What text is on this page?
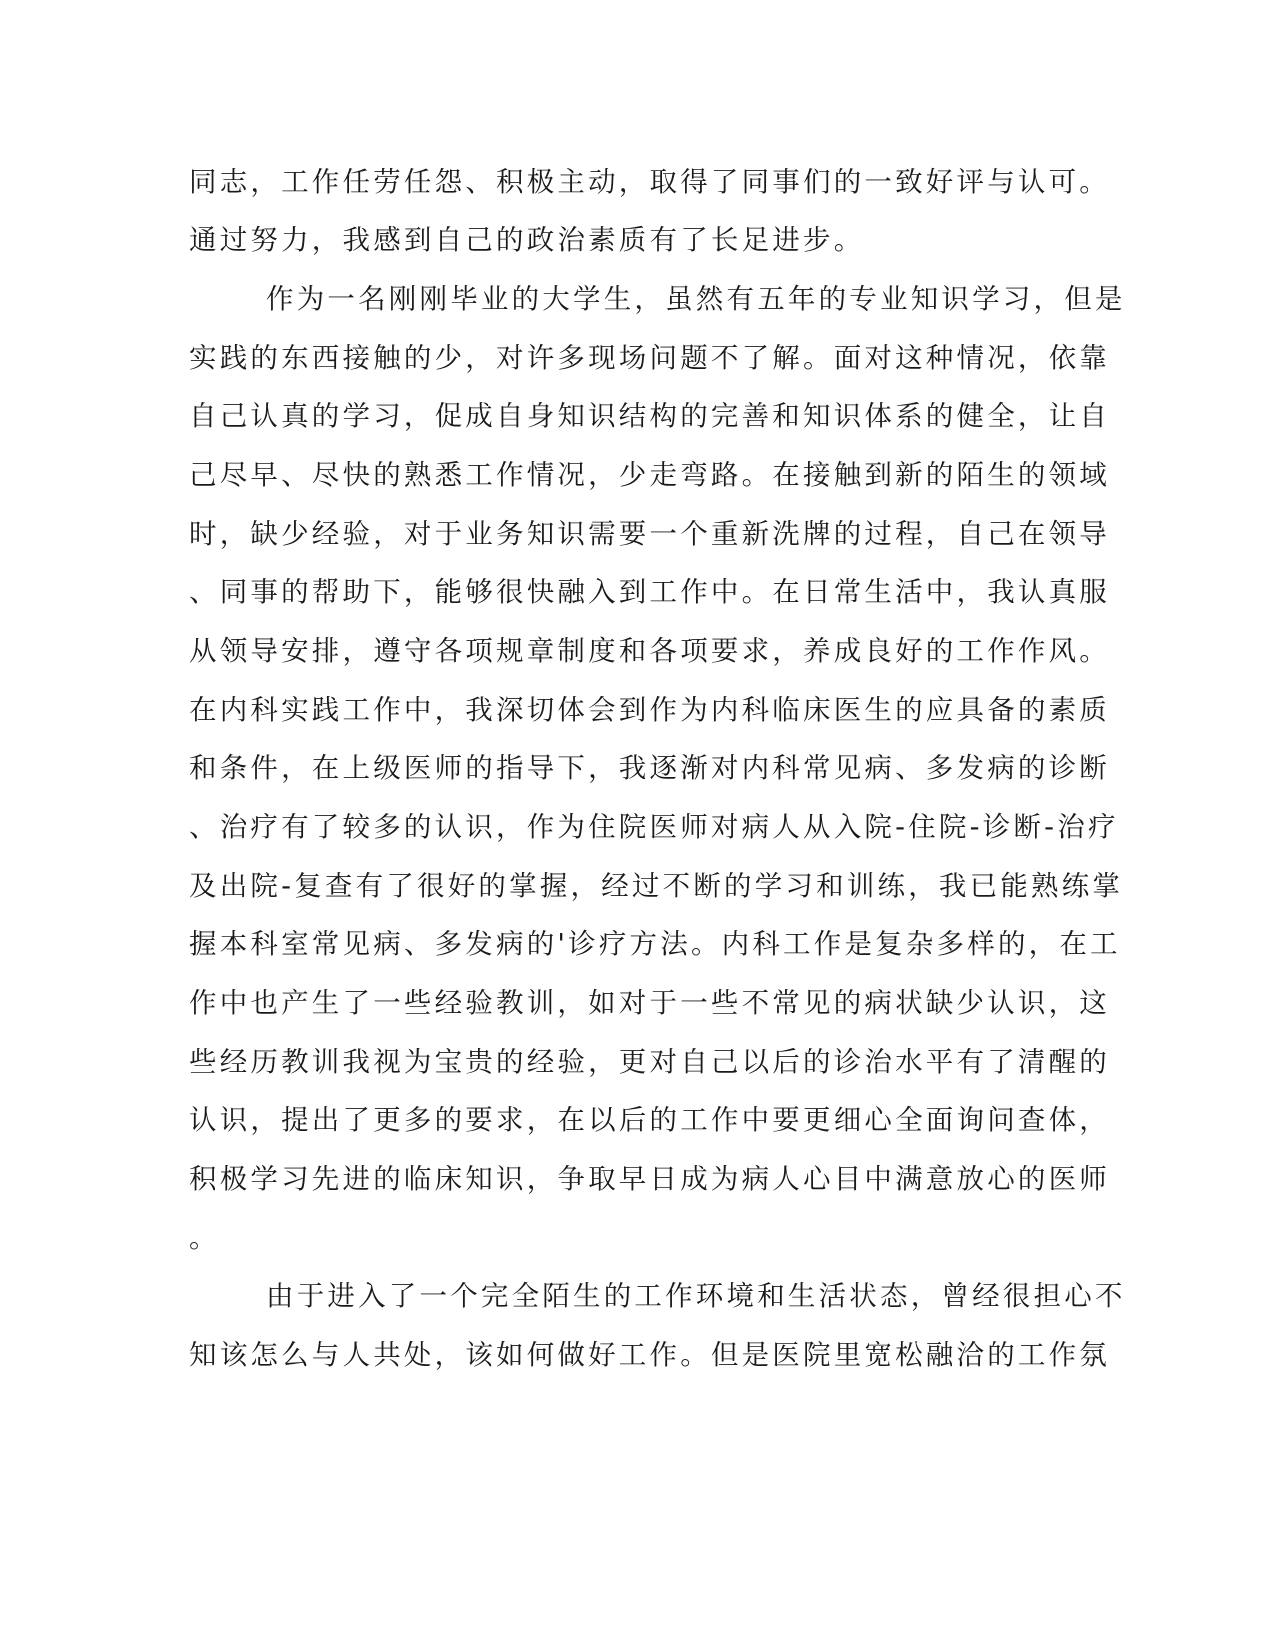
同志，工作任劳任怨、积极主动，取得了同事们的一致好评与认可。
通过努力，我感到自己的政治素质有了长足进步。
作为一名刚刚毕业的大学生，虽然有五年的专业知识学习，但是
实践的东西接触的少，对许多现场问题不了解。面对这种情况，依靠
自己认真的学习，促成自身知识结构的完善和知识体系的健全，让自
己尽早、尽快的熟悉工作情况，少走弯路。在接触到新的陌生的领域
时，缺少经验，对于业务知识需要一个重新洗牌的过程，自己在领导
、同事的帮助下，能够很快融入到工作中。在日常生活中，我认真服
从领导安排，遵守各项规章制度和各项要求，养成良好的工作作风。
在内科实践工作中，我深切体会到作为内科临床医生的应具备的素质
和条件，在上级医师的指导下，我逐渐对内科常见病、多发病的诊断
、治疗有了较多的认识，作为住院医师对病人从入院-住院-诊断-治疗
及出院-复查有了很好的掌握，经过不断的学习和训练，我已能熟练掌
握本科室常见病、多发病的'诊疗方法。内科工作是复杂多样的，在工
作中也产生了一些经验教训，如对于一些不常见的病状缺少认识，这
些经历教训我视为宝贵的经验，更对自己以后的诊治水平有了清醒的
认识，提出了更多的要求，在以后的工作中要更细心全面询问查体，
积极学习先进的临床知识，争取早日成为病人心目中满意放心的医师
。
由于进入了一个完全陌生的工作环境和生活状态，曾经很担心不
知该怎么与人共处，该如何做好工作。但是医院里宽松融洽的工作氛
